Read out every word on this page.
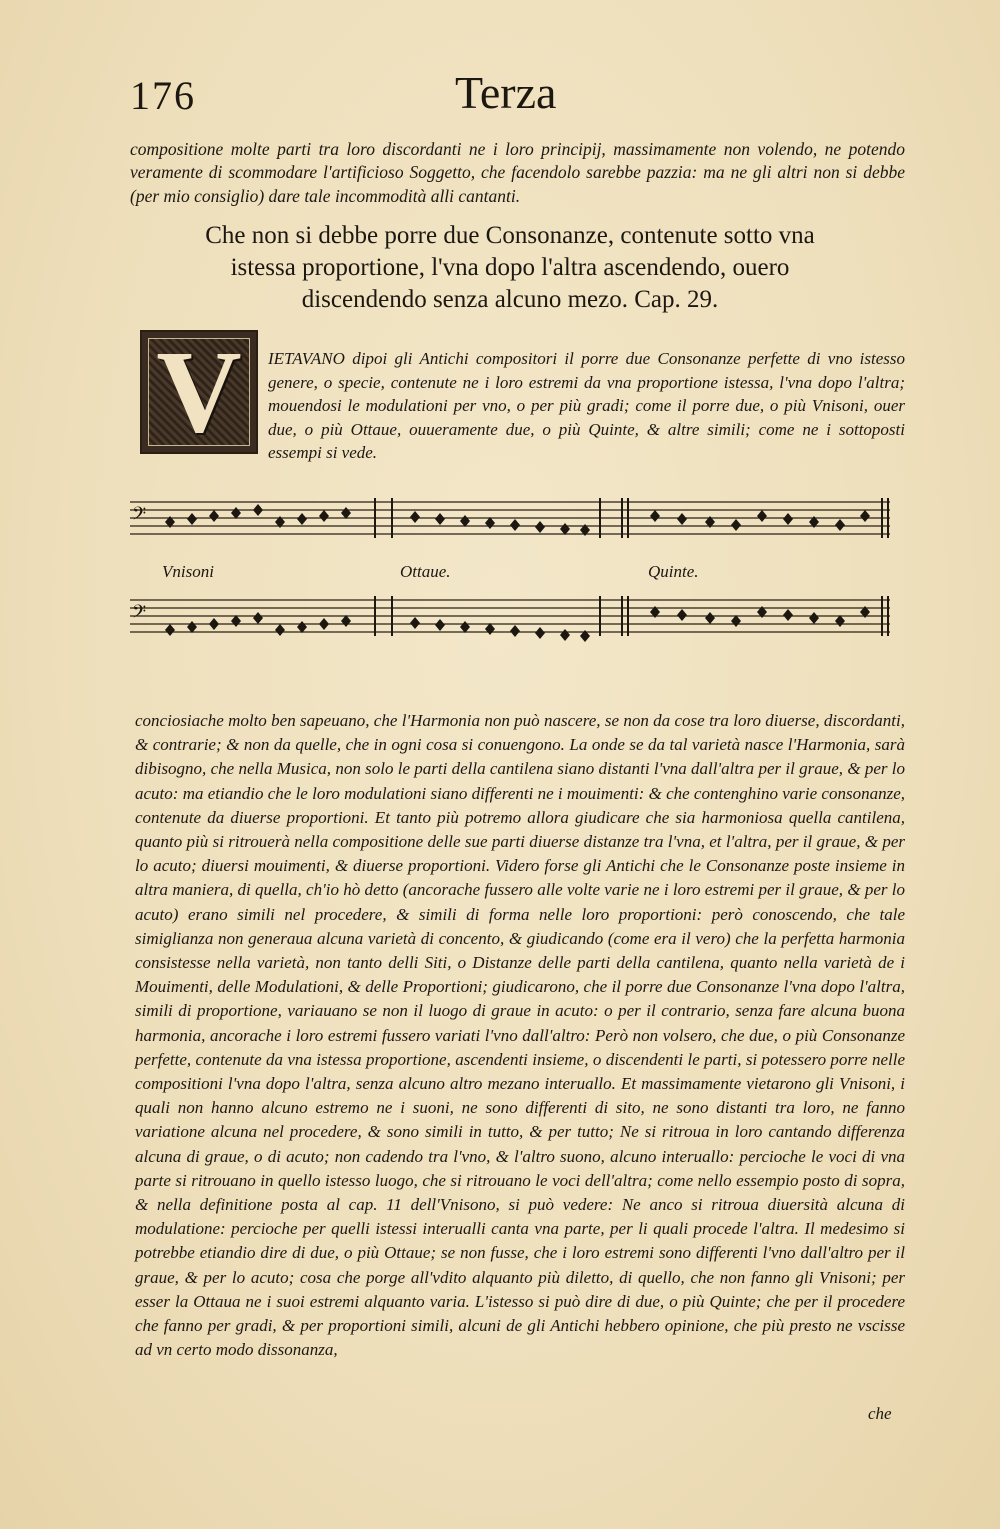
176	Terza

compositione molte parti tra loro discordanti ne i loro principij, massimamente non volendo, ne potendo veramente di scommodare l'artificioso Soggetto, che facendolo sarebbe pazzia: ma ne gli altri non si debbe (per mio consiglio) dare tale incommodità alli cantanti.

Che non si debbe porre due Consonanze, contenute sotto vna
istessa proportione, l'vna dopo l'altra ascendendo, ouero
discendendo senza alcuno mezo. Cap. 29.
V	IETAVANO dipoi gli Antichi compositori il porre due Consonanze perfette di vno istesso genere, o specie, contenute ne i loro estremi da vna proportione istessa, l'vna dopo l'altra; mouendosi le modulationi per vno, o per più gradi; come il porre due, o più Vnisoni, ouer due, o più Ottaue, ouueramente due, o più Quinte, & altre simili; come ne i sottoposti essempi si vede.

𝄢
𝄢
Vnisoni	Ottaue.	Quinte.

conciosiache molto ben sapeuano, che l'Harmonia non può nascere, se non da cose tra loro diuerse, discordanti, & contrarie; & non da quelle, che in ogni cosa si conuengono. La onde se da tal varietà nasce l'Harmonia, sarà dibisogno, che nella Musica, non solo le parti della cantilena siano distanti l'vna dall'altra per il graue, & per lo acuto: ma etiandio che le loro modulationi siano differenti ne i mouimenti: & che contenghino varie consonanze, contenute da diuerse proportioni. Et tanto più potremo allora giudicare che sia harmoniosa quella cantilena, quanto più si ritrouerà nella compositione delle sue parti diuerse distanze tra l'vna, et l'altra, per il graue, & per lo acuto; diuersi mouimenti, & diuerse proportioni. Videro forse gli Antichi che le Consonanze poste insieme in altra maniera, di quella, ch'io hò detto (ancorache fussero alle volte varie ne i loro estremi per il graue, & per lo acuto) erano simili nel procedere, & simili di forma nelle loro proportioni: però conoscendo, che tale simiglianza non generaua alcuna varietà di concento, & giudicando (come era il vero) che la perfetta harmonia consistesse nella varietà, non tanto delli Siti, o Distanze delle parti della cantilena, quanto nella varietà de i Mouimenti, delle Modulationi, & delle Proportioni; giudicarono, che il porre due Consonanze l'vna dopo l'altra, simili di proportione, variauano se non il luogo di graue in acuto: o per il contrario, senza fare alcuna buona harmonia, ancorache i loro estremi fussero variati l'vno dall'altro: Però non volsero, che due, o più Consonanze perfette, contenute da vna istessa proportione, ascendenti insieme, o discendenti le parti, si potessero porre nelle compositioni l'vna dopo l'altra, senza alcuno altro mezano interuallo. Et massimamente vietarono gli Vnisoni, i quali non hanno alcuno estremo ne i suoni, ne sono differenti di sito, ne sono distanti tra loro, ne fanno variatione alcuna nel procedere, & sono simili in tutto, & per tutto; Ne si ritroua in loro cantando differenza alcuna di graue, o di acuto; non cadendo tra l'vno, & l'altro suono, alcuno interuallo: percioche le voci di vna parte si ritrouano in quello istesso luogo, che si ritrouano le voci dell'altra; come nello essempio posto di sopra, & nella definitione posta al cap. 11 dell'Vnisono, si può vedere: Ne anco si ritroua diuersità alcuna di modulatione: percioche per quelli istessi interualli canta vna parte, per li quali procede l'altra. Il medesimo si potrebbe etiandio dire di due, o più Ottaue; se non fusse, che i loro estremi sono differenti l'vno dall'altro per il graue, & per lo acuto; cosa che porge all'vdito alquanto più diletto, di quello, che non fanno gli Vnisoni; per esser la Ottaua ne i suoi estremi alquanto varia. L'istesso si può dire di due, o più Quinte; che per il procedere che fanno per gradi, & per proportioni simili, alcuni de gli Antichi hebbero opinione, che più presto ne vscisse ad vn certo modo dissonanza,

che
